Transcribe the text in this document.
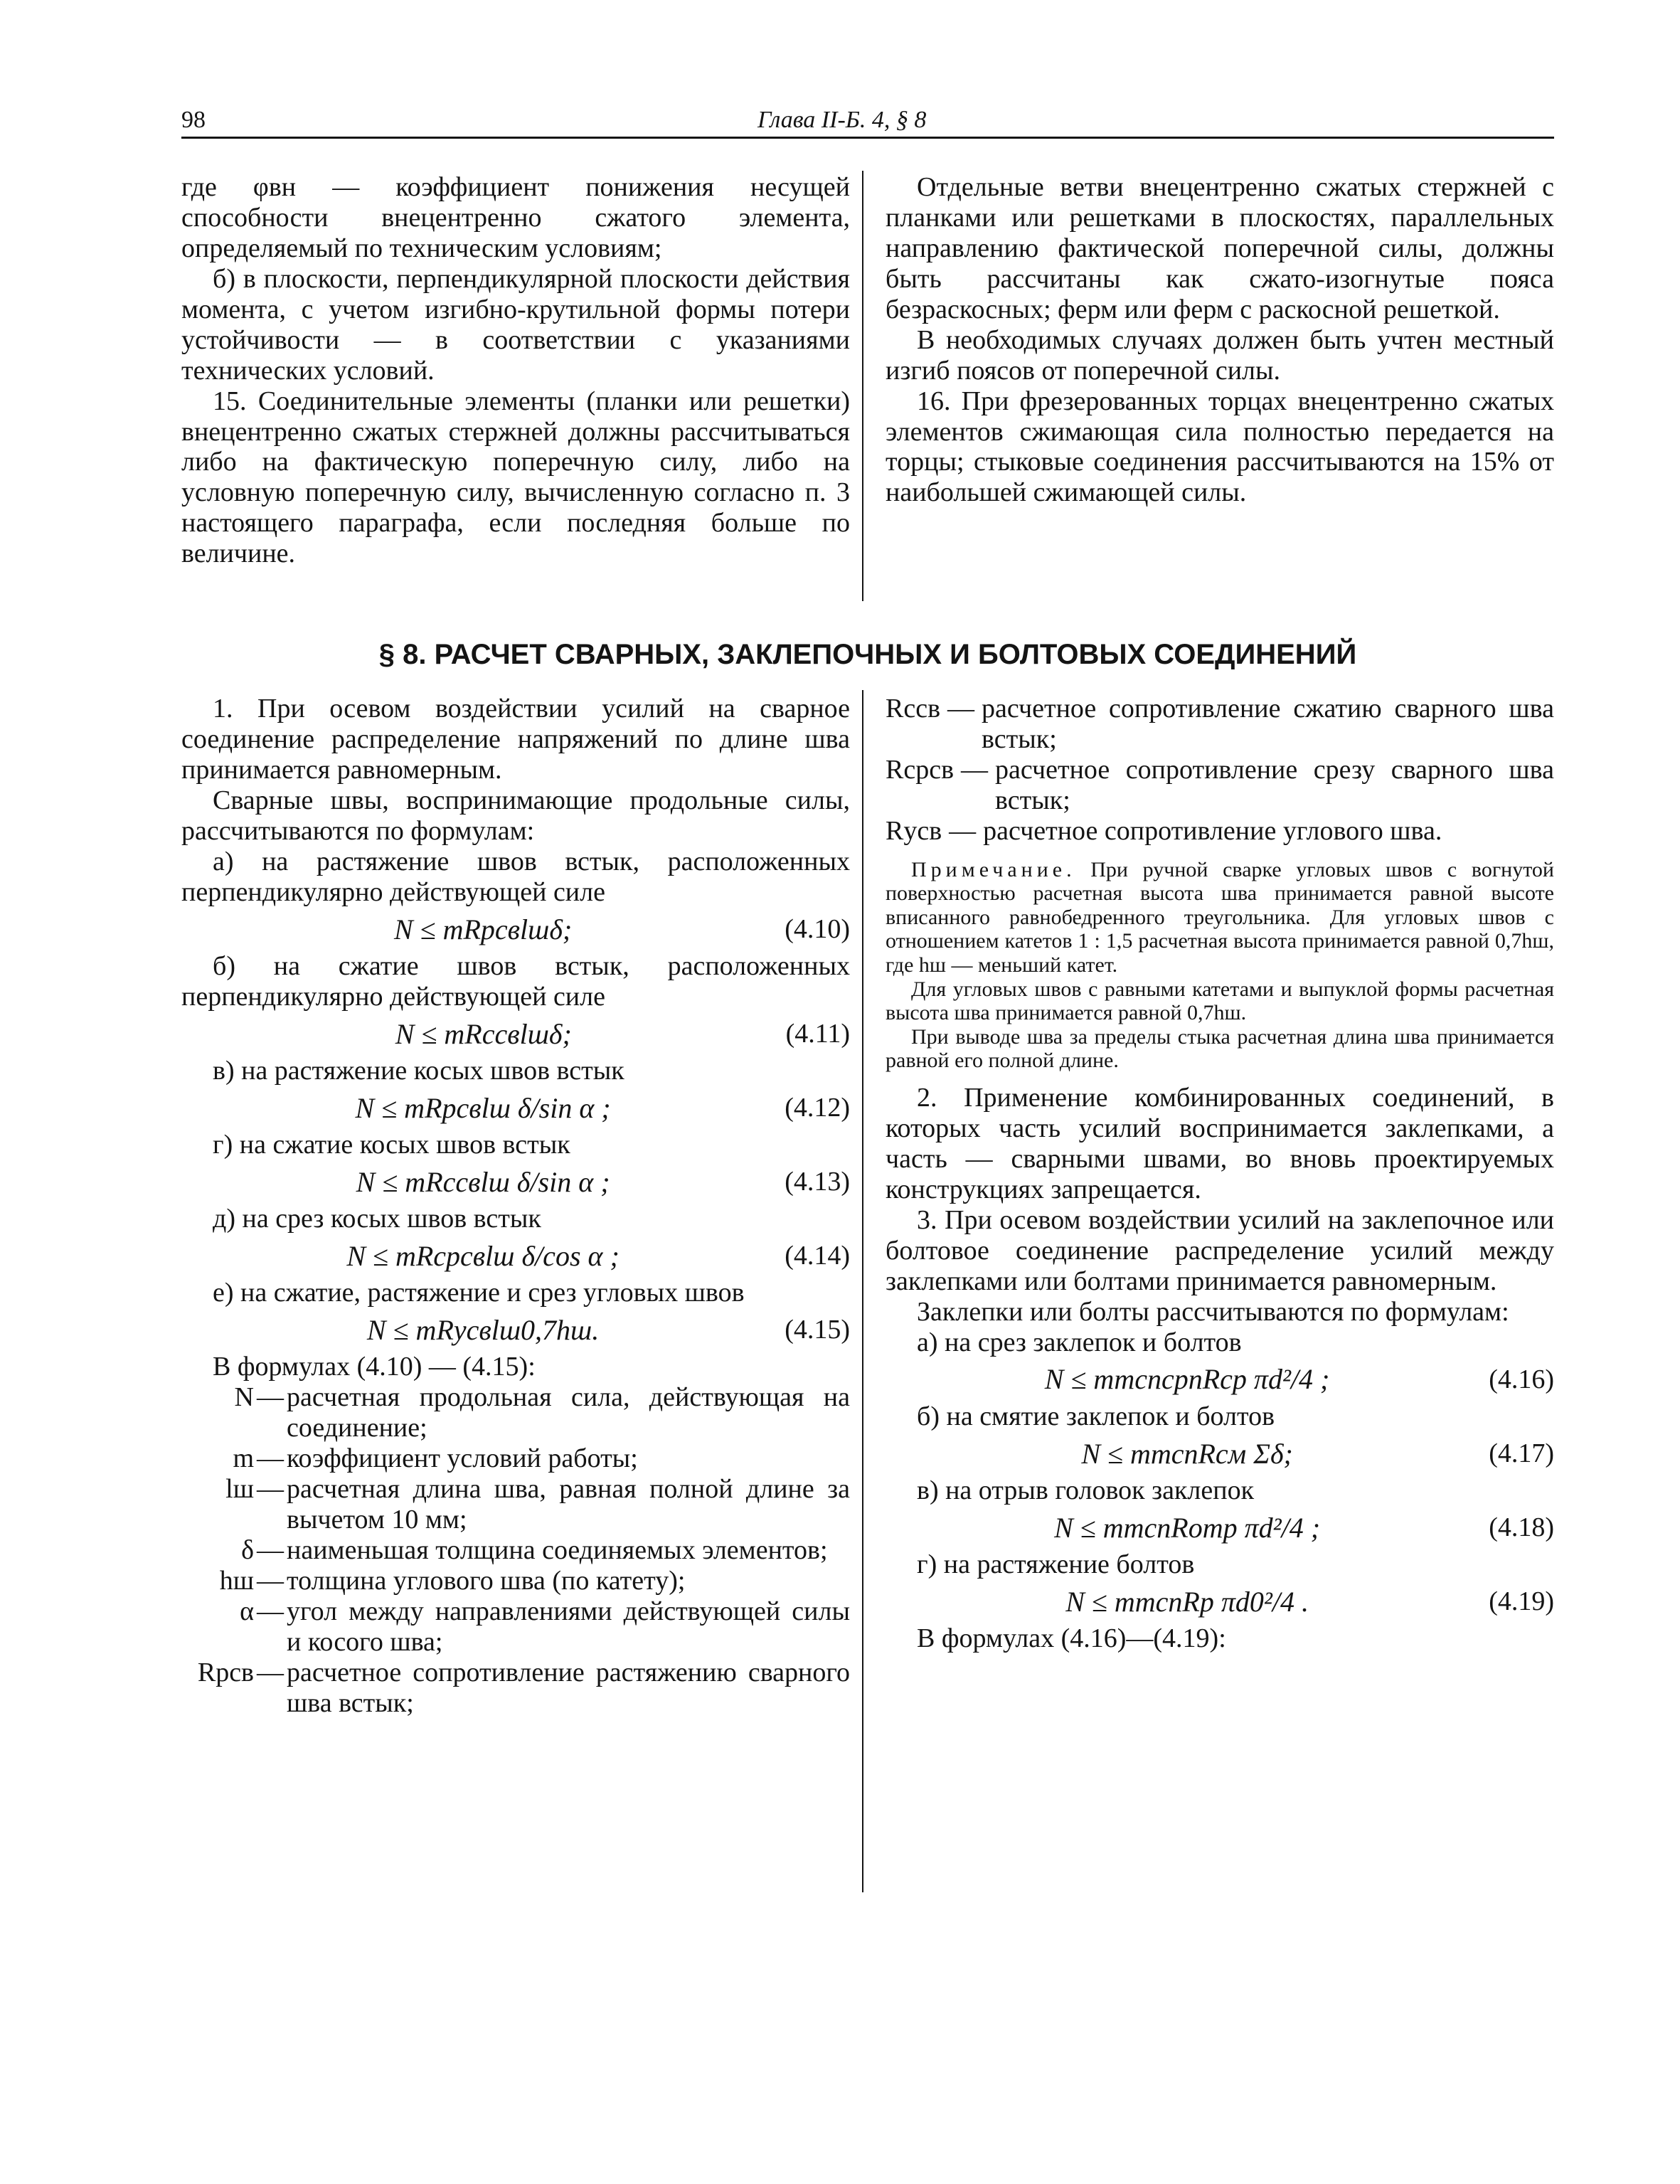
98	Глава II-Б. 4, § 8

где φвн — коэффициент понижения несущей способности внецентренно сжатого элемента, определяемый по техническим условиям;

б) в плоскости, перпендикулярной плоскости действия момента, с учетом изгибно-крутильной формы потери устойчивости — в соответствии с указаниями технических условий.

15. Соединительные элементы (планки или решетки) внецентренно сжатых стержней должны рассчитываться либо на фактическую поперечную силу, либо на условную поперечную силу, вычисленную согласно п. 3 настоящего параграфа, если последняя больше по величине.

Отдельные ветви внецентренно сжатых стержней с планками или решетками в плоскостях, параллельных направлению фактической поперечной силы, должны быть рассчитаны как сжато-изогнутые пояса безраскосных; ферм или ферм с раскосной решеткой.

В необходимых случаях должен быть учтен местный изгиб поясов от поперечной силы.

16. При фрезерованных торцах внецентренно сжатых элементов сжимающая сила полностью передается на торцы; стыковые соединения рассчитываются на 15% от наибольшей сжимающей силы.

§ 8. РАСЧЕТ СВАРНЫХ, ЗАКЛЕПОЧНЫХ И БОЛТОВЫХ СОЕДИНЕНИЙ

1. При осевом воздействии усилий на сварное соединение распределение напряжений по длине шва принимается равномерным.

Сварные швы, воспринимающие продольные силы, рассчитываются по формулам:

а) на растяжение швов встык, расположенных перпендикулярно действующей силе

N ≤ mRрсвlшδ;	(4.10)

б) на сжатие швов встык, расположенных перпендикулярно действующей силе

N ≤ mRссвlшδ;	(4.11)

в) на растяжение косых швов встык

N ≤ mRрсвlш δ/sin α ;	(4.12)

г) на сжатие косых швов встык

N ≤ mRссвlш δ/sin α ;	(4.13)

д) на срез косых швов встык

N ≤ mRсрсвlш δ/cos α ;	(4.14)

е) на сжатие, растяжение и срез угловых швов

N ≤ mRусвlш0,7hш.	(4.15)

В формулах (4.10) — (4.15):

N — расчетная продольная сила, действующая на соединение;
m — коэффициент условий работы;
lш — расчетная длина шва, равная полной длине за вычетом 10 мм;
δ — наименьшая толщина соединяемых элементов;
hш — толщина углового шва (по катету);
α — угол между направлениями действующей силы и косого шва;
Rрсв — расчетное сопротивление растяжению сварного шва встык;
Rссв — расчетное сопротивление сжатию сварного шва встык;
Rсрсв — расчетное сопротивление срезу сварного шва встык;
Rусв — расчетное сопротивление углового шва.

Примечание. При ручной сварке угловых швов с вогнутой поверхностью расчетная высота шва принимается равной высоте вписанного равнобедренного треугольника. Для угловых швов с отношением катетов 1 : 1,5 расчетная высота принимается равной 0,7hш, где hш — меньший катет.

Для угловых швов с равными катетами и выпуклой формы расчетная высота шва принимается равной 0,7hш.

При выводе шва за пределы стыка расчетная длина шва принимается равной его полной длине.

2. Применение комбинированных соединений, в которых часть усилий воспринимается заклепками, а часть — сварными швами, во вновь проектируемых конструкциях запрещается.

3. При осевом воздействии усилий на заклепочное или болтовое соединение распределение усилий между заклепками или болтами принимается равномерным.

Заклепки или болты рассчитываются по формулам:

а) на срез заклепок и болтов

N ≤ mmcnсрnRср πd²/4 ;	(4.16)

б) на смятие заклепок и болтов

N ≤ mmcnRсм Σδ;	(4.17)

в) на отрыв головок заклепок

N ≤ mmcnRотр πd²/4 ;	(4.18)

г) на растяжение болтов

N ≤ mmcnRр πd0²/4 .	(4.19)

В формулах (4.16)—(4.19):
